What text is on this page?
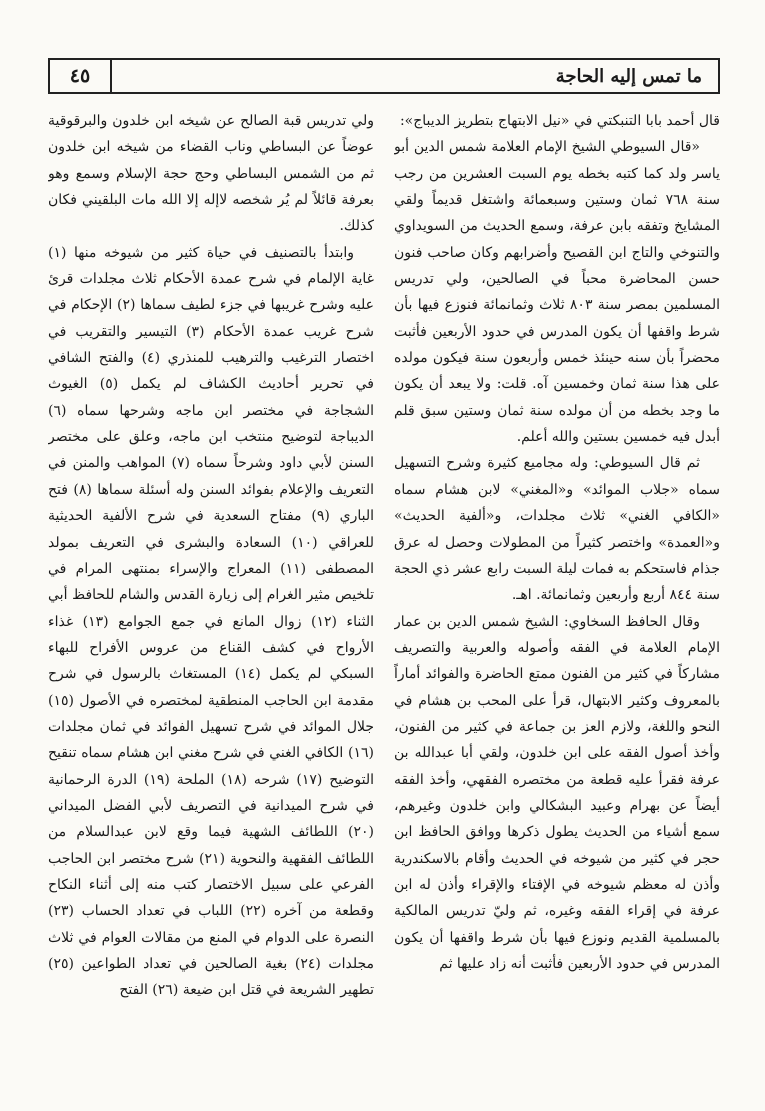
٤٥	ما تمس إليه الحاجة

قال أحمد بابا التنبكتي في «نيل الابتهاج بتطريز الديباج»:

«قال السيوطي الشيخ الإمام العلامة شمس الدين أبو ياسر ولد كما كتبه بخطه يوم السبت العشرين من رجب سنة ٧٦٨ ثمان وستين وسبعمائة واشتغل قديماً ولقي المشايخ وتفقه بابن عرفة، وسمع الحديث من السويداوي والتنوخي والتاج ابن القصيح وأضرابهم وكان صاحب فنون حسن المحاضرة محباً في الصالحين، ولي تدريس المسلمين بمصر سنة ٨٠٣ ثلاث وثمانمائة فنوزع فيها بأن شرط واقفها أن يكون المدرس في حدود الأربعين فأثبت محضراً بأن سنه حينئذ خمس وأربعون سنة فيكون مولده على هذا سنة ثمان وخمسين آه. قلت: ولا يبعد أن يكون ما وجد بخطه من أن مولده سنة ثمان وستين سبق قلم أبدل فيه خمسين بستين والله أعلم.

ثم قال السيوطي: وله مجاميع كثيرة وشرح التسهيل سماه «جلاب الموائد» و«المغني» لابن هشام سماه «الكافي الغني» ثلاث مجلدات، و«ألفية الحديث» و«العمدة» واختصر كثيراً من المطولات وحصل له عرق جذام فاستحكم به فمات ليلة السبت رابع عشر ذي الحجة سنة ٨٤٤ أربع وأربعين وثمانمائة. اهـ.

وقال الحافظ السخاوي: الشيخ شمس الدين بن عمار الإمام العلامة في الفقه وأصوله والعربية والتصريف مشاركاً في كثير من الفنون ممتع الحاضرة والفوائد أماراً بالمعروف وكثير الابتهال، قرأ على المحب بن هشام في النحو واللغة، ولازم العز بن جماعة في كثير من الفنون، وأخذ أصول الفقه على ابن خلدون، ولقي أبا عبدالله بن عرفة فقرأ عليه قطعة من مختصره الفقهي، وأخذ الفقه أيضاً عن بهرام وعبيد البشكالي وابن خلدون وغيرهم، سمع أشياء من الحديث يطول ذكرها ووافق الحافظ ابن حجر في كثير من شيوخه في الحديث وأقام بالاسكندرية وأذن له معظم شيوخه في الإفتاء والإقراء وأذن له ابن عرفة في إقراء الفقه وغيره، ثم وليّ تدريس المالكية بالمسلمية القديم ونوزع فيها بأن شرط واقفها أن يكون المدرس في حدود الأربعين فأثبت أنه زاد عليها ثم

ولي تدريس قبة الصالح عن شيخه ابن خلدون والبرقوقية عوضاً عن البساطي وناب القضاء من شيخه ابن خلدون ثم من الشمس البساطي وحج حجة الإسلام وسمع وهو بعرفة قائلاً لم يُر شخصه لاإله إلا الله مات البلقيني فكان كذلك.

وابتدأ بالتصنيف في حياة كثير من شيوخه منها (١) غاية الإلمام في شرح عمدة الأحكام ثلاث مجلدات قرئ عليه وشرح غريبها في جزء لطيف سماها (٢) الإحكام في شرح غريب عمدة الأحكام (٣) التيسير والتقريب في اختصار الترغيب والترهيب للمنذري (٤) والفتح الشافي في تحرير أحاديث الكشاف لم يكمل (٥) الغيوث الشجاجة في مختصر ابن ماجه وشرحها سماه (٦) الديباجة لتوضيح منتخب ابن ماجه، وعلق على مختصر السنن لأبي داود وشرحاً سماه (٧) المواهب والمنن في التعريف والإعلام بفوائد السنن وله أسئلة سماها (٨) فتح الباري (٩) مفتاح السعدية في شرح الألفية الحديثية للعراقي (١٠) السعادة والبشرى في التعريف بمولد المصطفى (١١) المعراج والإسراء بمنتهى المرام في تلخيص مثير الغرام إلى زيارة القدس والشام للحافظ أبي الثناء (١٢) زوال المانع في جمع الجوامع (١٣) غذاء الأرواح في كشف القناع من عروس الأفراح للبهاء السبكي لم يكمل (١٤) المستغاث بالرسول في شرح مقدمة ابن الحاجب المنطقية لمختصره في الأصول (١٥) جلال الموائد في شرح تسهيل الفوائد في ثمان مجلدات (١٦) الكافي الغني في شرح مغني ابن هشام سماه تنقيح التوضيح (١٧) شرحه (١٨) الملحة (١٩) الدرة الرحمانية في شرح الميدانية في التصريف لأبي الفضل الميداني (٢٠) اللطائف الشهية فيما وقع لابن عبدالسلام من اللطائف الفقهية والنحوية (٢١) شرح مختصر ابن الحاجب الفرعي على سبيل الاختصار كتب منه إلى أثناء النكاح وقطعة من آخره (٢٢) اللباب في تعداد الحساب (٢٣) النصرة على الدوام في المنع من مقالات العوام في ثلاث مجلدات (٢٤) بغية الصالحين في تعداد الطواعين (٢٥) تطهير الشريعة في قتل ابن ضيعة (٢٦) الفتح
